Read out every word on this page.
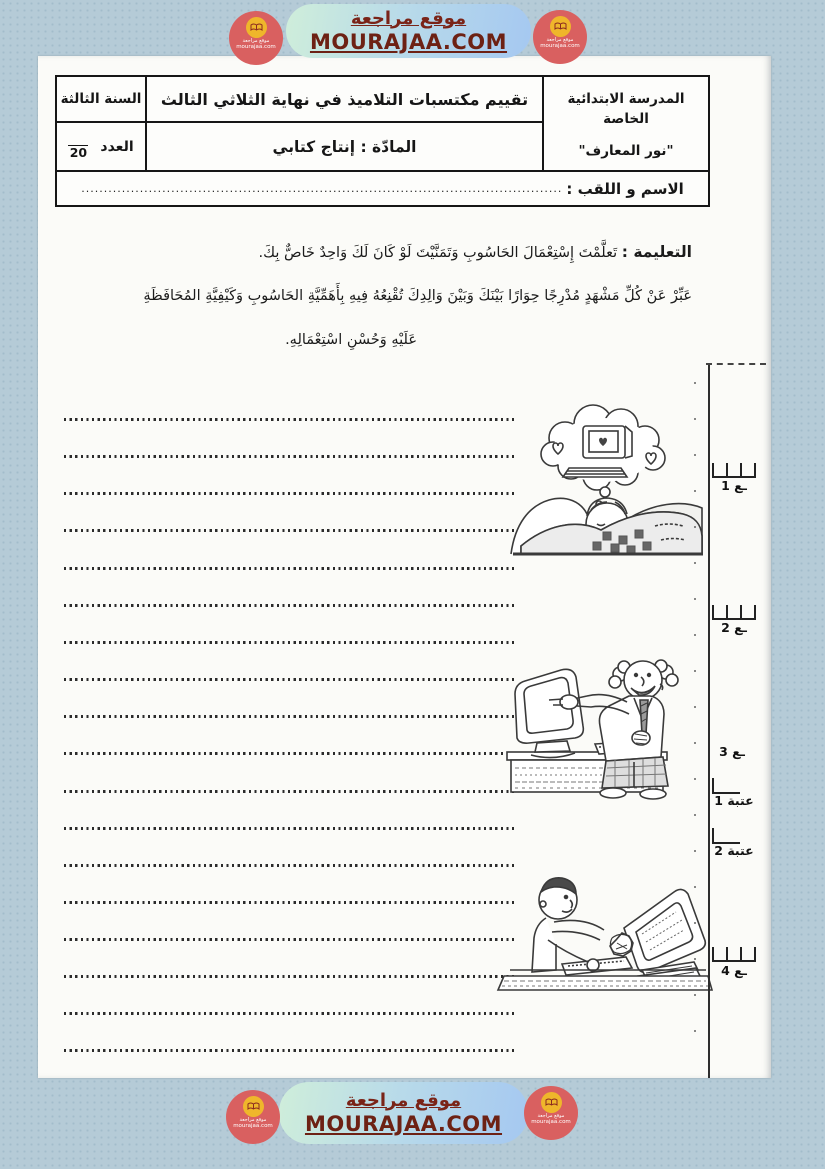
موقع مراجعة
MOURAJAA.COM
موقع مراجعة
mourajaa.com
موقع مراجعة
mourajaa.com
المدرسة الابتدائية الخاصة
"نور المعارف"
تقييم مكتسبات التلاميذ في نهاية الثلاثي الثالث
المادّة : إنتاج كتابي
السنة الثالثة
العدد
20
الاسم و اللقب :
...........................................................................................................
التعليمة : تَعلَّمْتَ إِسْتِعْمَالَ الحَاسُوبِ وَتَمَنَّيْتَ لَوْ كَانَ لَكَ وَاحِدٌ خَاصٌّ بِكَ.
عَبِّرْ عَنْ كُلِّ مَشْهَدٍ مُدْرِجًا حِوَارًا بَيْنَكَ وَبَيْنَ وَالِدِكَ تُقْنِعُهُ فِيهِ بِأَهَمِّيَّةِ الحَاسُوبِ وَكَيْفِيَّةِ المُحَافَظَةِ
عَلَيْهِ وَحُسْنِ اسْتِعْمَالِهِ.
ـع 1
ـع 2
ـع 3
عتبة 1
عتبة 2
ـع 4
موقع مراجعة
MOURAJAA.COM
موقع مراجعة
mourajaa.com
موقع مراجعة
mourajaa.com
